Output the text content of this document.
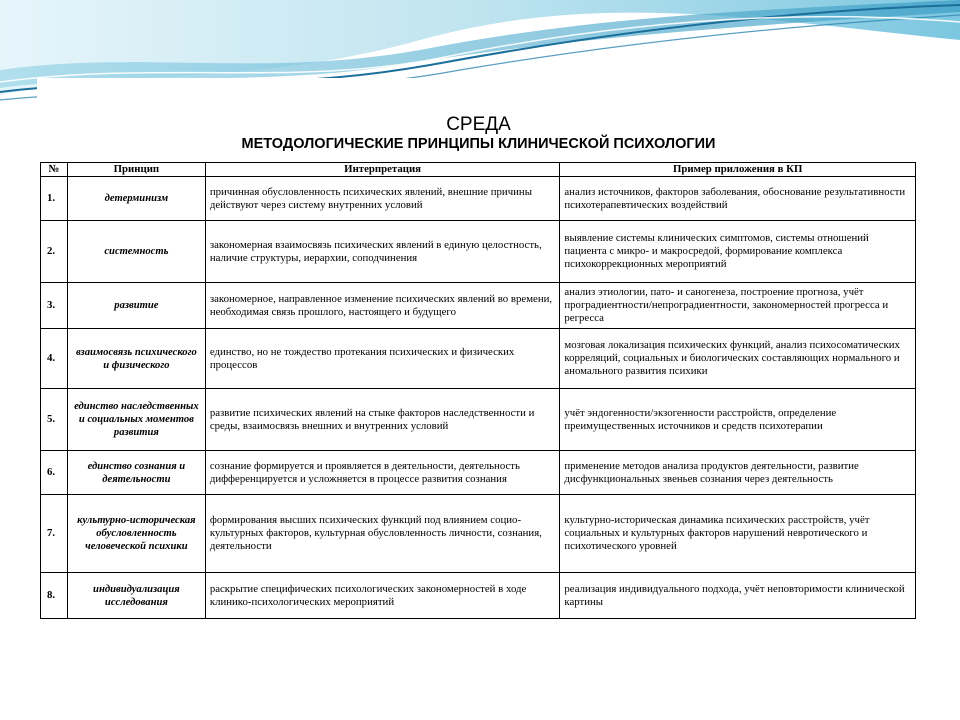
СРЕДА
МЕТОДОЛОГИЧЕСКИЕ ПРИНЦИПЫ КЛИНИЧЕСКОЙ ПСИХОЛОГИИ
№	Принцип	Интерпретация	Пример приложения в КП
1.	детерминизм	причинная обусловленность психических явлений, внешние причины действуют через систему внутренних условий	анализ источников, факторов заболевания, обоснование результативности психотерапевтических воздействий
2.	системность	закономерная взаимосвязь психических явлений в единую целостность, наличие структуры, иерархии, соподчинения	выявление системы клинических симптомов, системы отношений пациента с микро- и макросредой, формирование комплекса психокоррекционных мероприятий
3.	развитие	закономерное, направленное изменение психических явлений во времени, необходимая связь прошлого, настоящего и будущего	анализ этиологии, пато- и саногенеза, построение прогноза, учёт проградиентности/непроградиентности, закономерностей прогресса и регресса
4.	взаимосвязь психического и физического	единство, но не тождество протекания психических и физических процессов	мозговая локализация психических функций, анализ психосоматических корреляций, социальных и биологических составляющих нормального и аномального развития психики
5.	единство наследственных и социальных моментов развития	развитие психических явлений на стыке факторов наследственности и среды, взаимосвязь внешних и внутренних условий	учёт эндогенности/экзогенности расстройств, определение преимущественных источников и средств психотерапии
6.	единство сознания и деятельности	сознание формируется и проявляется в деятельности, деятельность дифференцируется и усложняется в процессе развития сознания	применение методов анализа продуктов деятельности, развитие дисфункциональных звеньев сознания через деятельность
7.	культурно-историческая обусловленность человеческой психики	формирования высших психических функций под влиянием социо-культурных факторов, культурная обусловленность личности, сознания, деятельности	культурно-историческая динамика психических расстройств, учёт социальных и культурных факторов нарушений невротического и психотического уровней
8.	индивидуализация исследования	раскрытие специфических психологических закономерностей в ходе клинико-психологических мероприятий	реализация индивидуального подхода, учёт неповторимости клинической картины
